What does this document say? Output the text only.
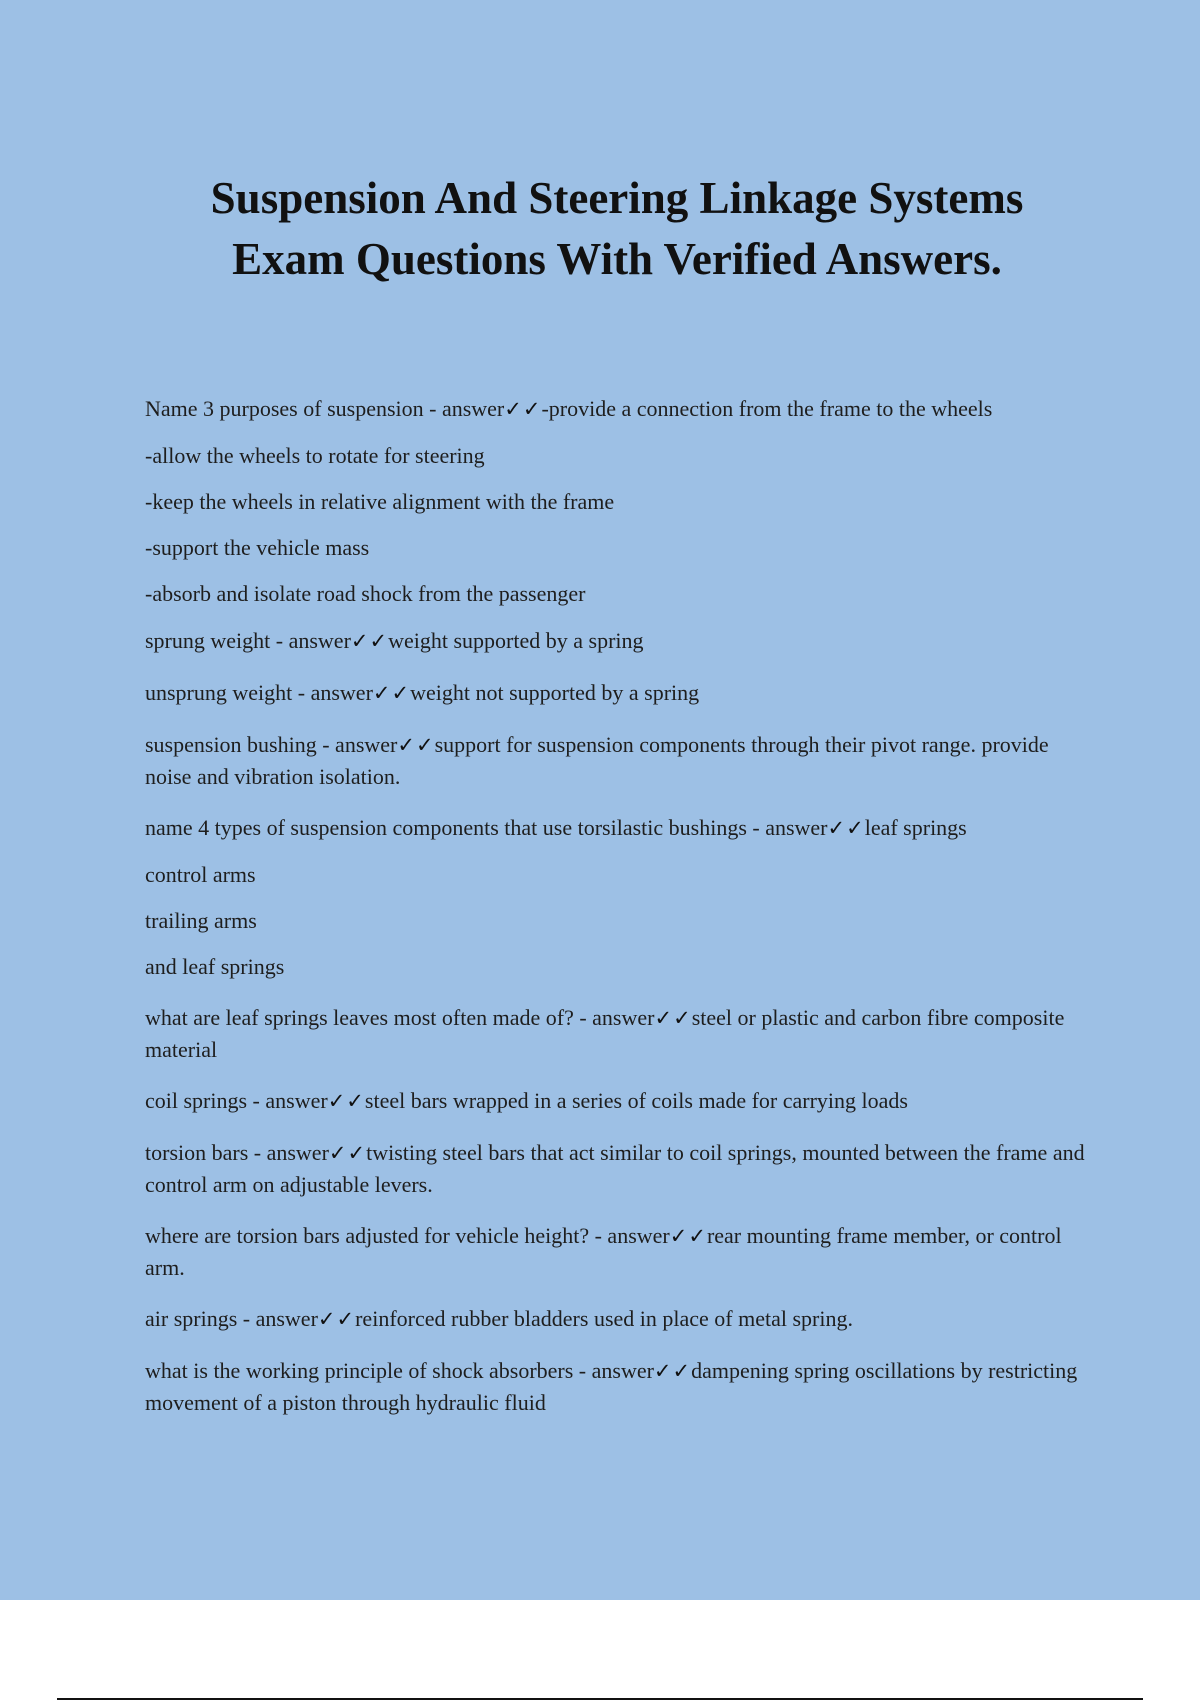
Suspension And Steering Linkage Systems
Exam Questions With Verified Answers.
Name 3 purposes of suspension - answer✓✓-provide a connection from the frame to the wheels
-allow the wheels to rotate for steering
-keep the wheels in relative alignment with the frame
-support the vehicle mass
-absorb and isolate road shock from the passenger
sprung weight - answer✓✓weight supported by a spring
unsprung weight - answer✓✓weight not supported by a spring
suspension bushing - answer✓✓support for suspension components through their pivot range. provide noise and vibration isolation.
name 4 types of suspension components that use torsilastic bushings - answer✓✓leaf springs
control arms
trailing arms
and leaf springs
what are leaf springs leaves most often made of? - answer✓✓steel or plastic and carbon fibre composite material
coil springs - answer✓✓steel bars wrapped in a series of coils made for carrying loads
torsion bars - answer✓✓twisting steel bars that act similar to coil springs, mounted between the frame and control arm on adjustable levers.
where are torsion bars adjusted for vehicle height? - answer✓✓rear mounting frame member, or control arm.
air springs - answer✓✓reinforced rubber bladders used in place of metal spring.
what is the working principle of shock absorbers - answer✓✓dampening spring oscillations by restricting movement of a piston through hydraulic fluid
